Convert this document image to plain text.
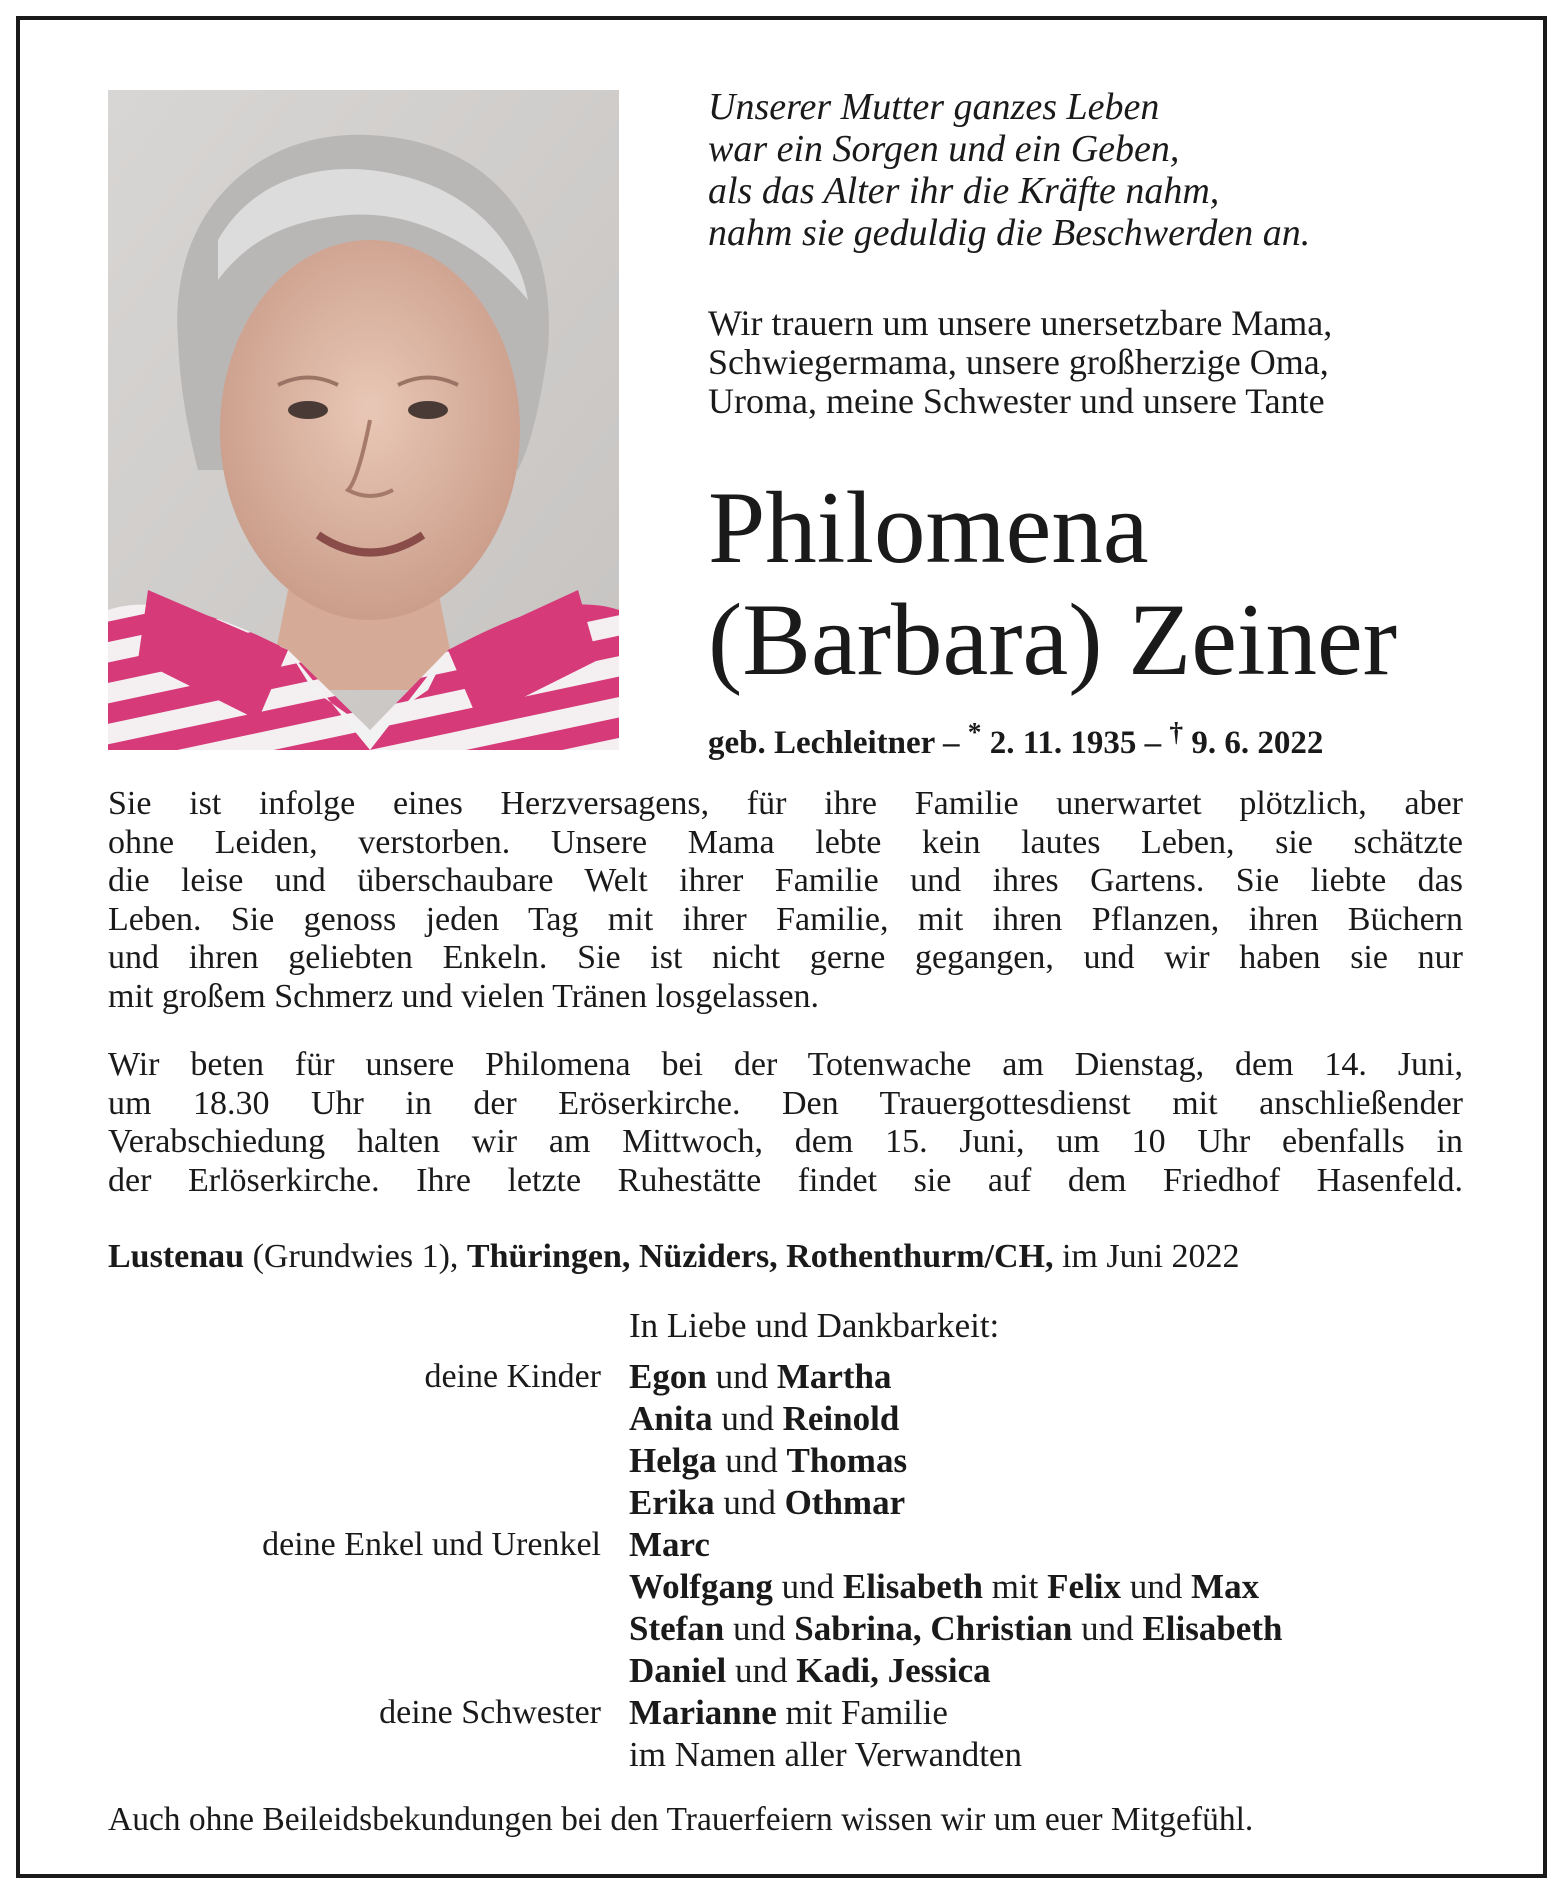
Unserer Mutter ganzes Leben
war ein Sorgen und ein Geben,
als das Alter ihr die Kräfte nahm,
nahm sie geduldig die Beschwerden an.
Wir trauern um unsere unersetzbare Mama,
Schwiegermama, unsere großherzige Oma,
Uroma, meine Schwester und unsere Tante
Philomena
(Barbara) Zeiner
geb. Lechleitner – * 2. 11. 1935 – † 9. 6. 2022
Sie ist infolge eines Herzversagens, für ihre Familie unerwartet plötzlich, aber
ohne Leiden, verstorben. Unsere Mama lebte kein lautes Leben, sie schätzte
die leise und überschaubare Welt ihrer Familie und ihres Gartens. Sie liebte das
Leben. Sie genoss jeden Tag mit ihrer Familie, mit ihren Pflanzen, ihren Büchern
und ihren geliebten Enkeln. Sie ist nicht gerne gegangen, und wir haben sie nur
mit großem Schmerz und vielen Tränen losgelassen.
Wir beten für unsere Philomena bei der Totenwache am Dienstag, dem 14. Juni,
um 18.30 Uhr in der Eröserkirche. Den Trauergottesdienst mit anschließender
Verabschiedung halten wir am Mittwoch, dem 15. Juni, um 10 Uhr ebenfalls in
der Erlöserkirche. Ihre letzte Ruhestätte findet sie auf dem Friedhof Hasenfeld.
Lustenau (Grundwies 1), Thüringen, Nüziders, Rothenthurm/CH, im Juni 2022
In Liebe und Dankbarkeit:
deine Kinder Egon und Martha
Anita und Reinold
Helga und Thomas
Erika und Othmar
deine Enkel und Urenkel Marc
Wolfgang und Elisabeth mit Felix und Max
Stefan und Sabrina, Christian und Elisabeth
Daniel und Kadi, Jessica
deine Schwester Marianne mit Familie
im Namen aller Verwandten
Auch ohne Beileidsbekundungen bei den Trauerfeiern wissen wir um euer Mitgefühl.
